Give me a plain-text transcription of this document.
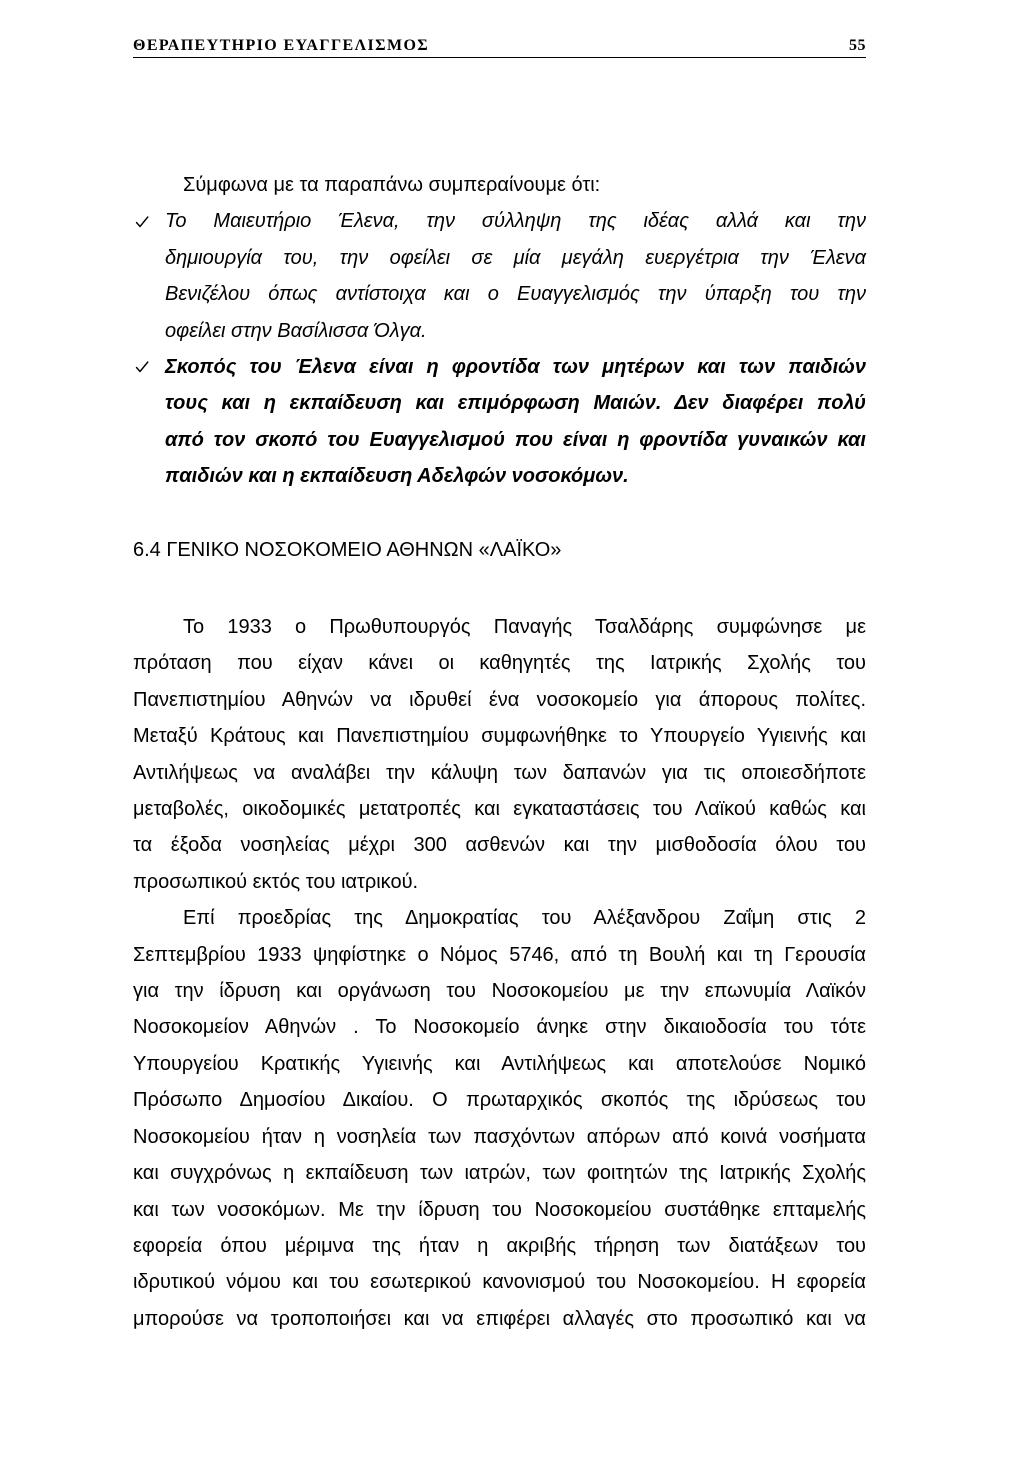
ΘΕΡΑΠΕΥΤΗΡΙΟ ΕΥΑΓΓΕΛΙΣΜΟΣ	55
Σύμφωνα με τα παραπάνω συμπεραίνουμε ότι:
Το Μαιευτήριο Έλενα, την σύλληψη της ιδέας αλλά και την
δημιουργία του, την οφείλει σε μία μεγάλη ευεργέτρια την Έλενα
Βενιζέλου όπως αντίστοιχα και ο Ευαγγελισμός την ύπαρξη του την
οφείλει στην Βασίλισσα Όλγα.
Σκοπός του Έλενα είναι η φροντίδα των μητέρων και των παιδιών
τους και η εκπαίδευση και επιμόρφωση Μαιών. Δεν διαφέρει πολύ
από τον σκοπό του Ευαγγελισμού που είναι η φροντίδα γυναικών και
παιδιών και η εκπαίδευση Αδελφών νοσοκόμων.
6.4 ΓΕΝΙΚΟ ΝΟΣΟΚΟΜΕΙΟ ΑΘΗΝΩΝ «ΛΑΪΚΟ»
Το 1933 ο Πρωθυπουργός Παναγής Τσαλδάρης συμφώνησε με
πρόταση που είχαν κάνει οι καθηγητές της Ιατρικής Σχολής του
Πανεπιστημίου Αθηνών να ιδρυθεί ένα νοσοκομείο για άπορους πολίτες.
Μεταξύ Κράτους και Πανεπιστημίου συμφωνήθηκε το Υπουργείο Υγιεινής και
Αντιλήψεως να αναλάβει την κάλυψη των δαπανών για τις οποιεσδήποτε
μεταβολές, οικοδομικές μετατροπές και εγκαταστάσεις του Λαϊκού καθώς και
τα έξοδα νοσηλείας μέχρι 300 ασθενών και την μισθοδοσία όλου του
προσωπικού εκτός του ιατρικού.
Επί προεδρίας της Δημοκρατίας του Αλέξανδρου Ζαΐμη στις 2
Σεπτεμβρίου 1933 ψηφίστηκε ο Νόμος 5746, από τη Βουλή και τη Γερουσία
για την ίδρυση και οργάνωση του Νοσοκομείου με την επωνυμία Λαϊκόν
Νοσοκομείον Αθηνών . Το Νοσοκομείο άνηκε στην δικαιοδοσία του τότε
Υπουργείου Κρατικής Υγιεινής και Αντιλήψεως και αποτελούσε Νομικό
Πρόσωπο Δημοσίου Δικαίου. Ο πρωταρχικός σκοπός της ιδρύσεως του
Νοσοκομείου ήταν η νοσηλεία των πασχόντων απόρων από κοινά νοσήματα
και συγχρόνως η εκπαίδευση των ιατρών, των φοιτητών της Ιατρικής Σχολής
και των νοσοκόμων. Με την ίδρυση του Νοσοκομείου συστάθηκε επταμελής
εφορεία όπου μέριμνα της ήταν η ακριβής τήρηση των διατάξεων του
ιδρυτικού νόμου και του εσωτερικού κανονισμού του Νοσοκομείου. Η εφορεία
μπορούσε να τροποποιήσει και να επιφέρει αλλαγές στο προσωπικό και να
